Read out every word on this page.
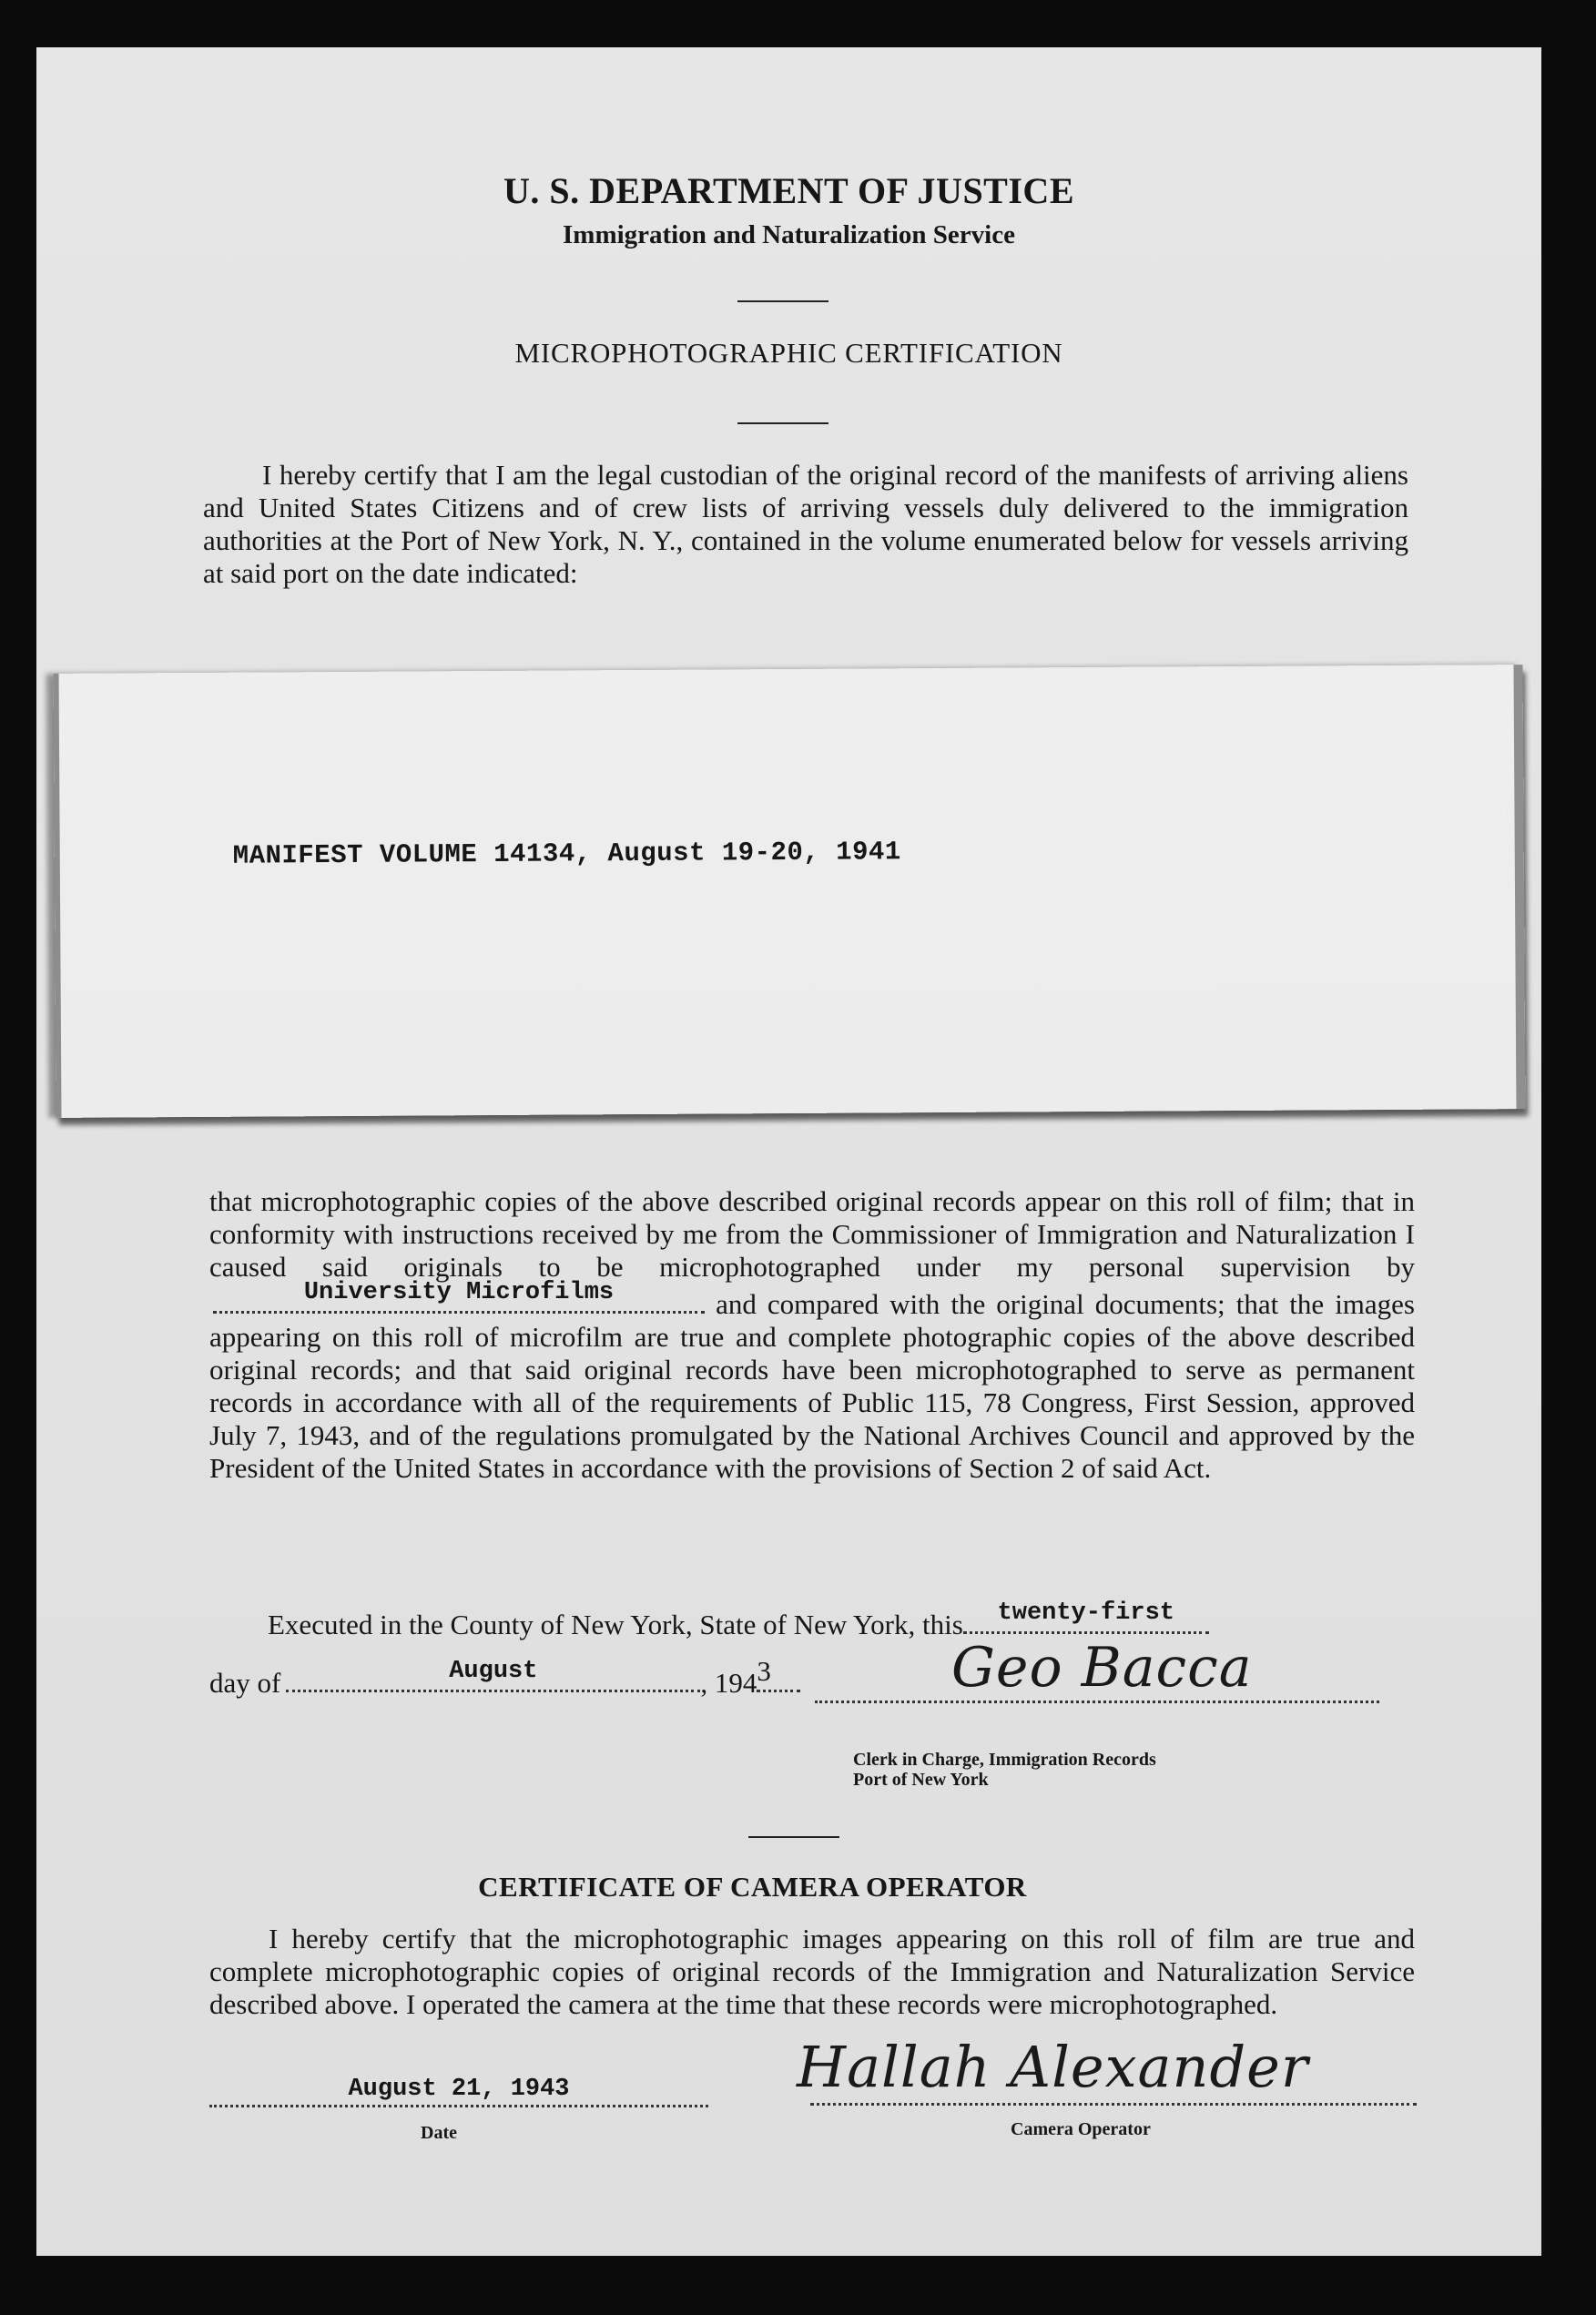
U. S. DEPARTMENT OF JUSTICE
Immigration and Naturalization Service
MICROPHOTOGRAPHIC CERTIFICATION
I hereby certify that I am the legal custodian of the original record of the manifests of arriving aliens and United States Citizens and of crew lists of arriving vessels duly delivered to the immigration authorities at the Port of New York, N. Y., contained in the volume enumerated below for vessels arriving at said port on the date indicated:
that microphotographic copies of the above described original records appear on this roll of film; that in conformity with instructions received by me from the Commissioner of Immigration and Naturalization I caused said originals to be microphotographed under my personal supervision by
University Microfilms	and compared with the original documents; that the images appearing on this roll of microfilm are true and complete photographic copies of the above described original records; and that said original records have been microphotographed to serve as permanent records in accordance with all of the requirements of Public 115, 78 Congress, First Session, approved July 7, 1943, and of the regulations promulgated by the National Archives Council and approved by the President of the United States in accordance with the provisions of Section 2 of said Act.
Executed in the County of New York, State of New York, this	twenty-first
day of	August	, 194 3	Geo Bacca
Clerk in Charge, Immigration Records
Port of New York
CERTIFICATE OF CAMERA OPERATOR
I hereby certify that the microphotographic images appearing on this roll of film are true and complete microphotographic copies of original records of the Immigration and Naturalization Service described above. I operated the camera at the time that these records were microphotographed.
August 21, 1943
Date
Hallah Alexander
Camera Operator
MANIFEST VOLUME 14134, August 19-20, 1941
